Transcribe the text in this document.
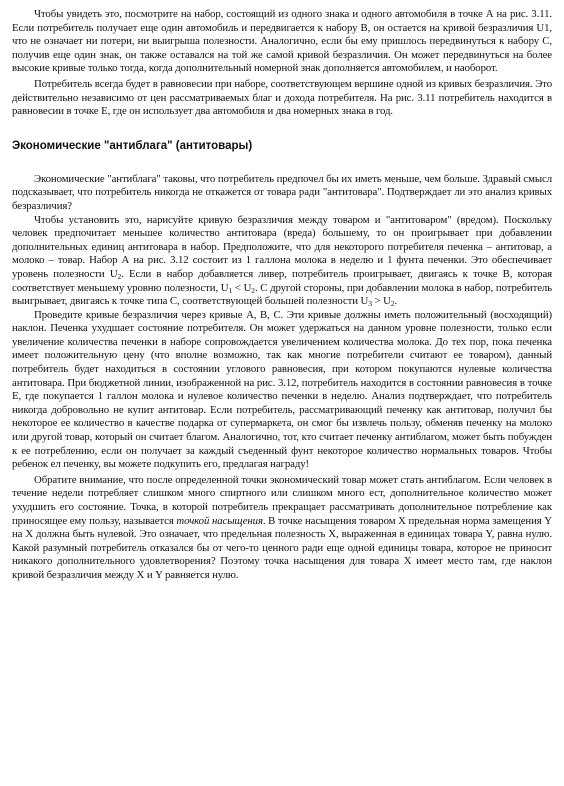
Чтобы увидеть это, посмотрите на набор, состоящий из одного знака и одного автомобиля в точке А на рис. 3.11. Если потребитель получает еще один автомобиль и передвигается к набору В, он остается на кривой безразличия U1, что не означает ни потери, ни выигрыша полезности. Аналогично, если бы ему пришлось передвинуться к набору С, получив еще один знак, он также оставался на той же самой кривой безразличия. Он может передвинуться на более высокие кривые только тогда, когда дополнительный номерной знак дополняется автомобилем, и наоборот.

Потребитель всегда будет в равновесии при наборе, соответствующем вершине одной из кривых безразличия. Это действительно независимо от цен рассматриваемых благ и дохода потребителя. На рис. 3.11 потребитель находится в равновесии в точке Е, где он использует два автомобиля и два номерных знака в год.

Экономические "антиблага" (антитовары)

Экономические "антиблага" таковы, что потребитель предпочел бы их иметь меньше, чем больше. Здравый смысл подсказывает, что потребитель никогда не откажется от товара ради "антитовара". Подтверждает ли это анализ кривых безразличия?

Чтобы установить это, нарисуйте кривую безразличия между товаром и "антитоваром" (вредом). Поскольку человек предпочитает меньшее количество антитовара (вреда) большему, то он проигрывает при добавлении дополнительных единиц антитовара в набор. Предположите, что для некоторого потребителя печенка – антитовар, а молоко – товар. Набор А на рис. 3.12 состоит из 1 галлона молока в неделю и 1 фунта печенки. Это обеспечивает уровень полезности $U_2$. Если в набор добавляется ливер, потребитель проигрывает, двигаясь к точке В, которая соответствует меньшему уровню полезности, $U_1 < U_2$. С другой стороны, при добавлении молока в набор, потребитель выигрывает, двигаясь к точке типа С, соответствующей большей полезности $U_3 > U_2$.

Проведите кривые безразличия через кривые А, В, С. Эти кривые должны иметь положительный (восходящий) наклон. Печенка ухудшает состояние потребителя. Он может удержаться на данном уровне полезности, только если увеличение количества печенки в наборе сопровождается увеличением количества молока. До тех пор, пока печенка имеет положительную цену (что вполне возможно, так как многие потребители считают ее товаром), данный потребитель будет находиться в состоянии углового равновесия, при котором покупаются нулевые количества антитовара. При бюджетной линии, изображенной на рис. 3.12, потребитель находится в состоянии равновесия в точке Е, где покупается 1 галлон молока и нулевое количество печенки в неделю. Анализ подтверждает, что потребитель никогда добровольно не купит антитовар. Если потребитель, рассматривающий печенку как антитовар, получил бы некоторое ее количество в качестве подарка от супермаркета, он смог бы извлечь пользу, обменяв печенку на молоко или другой товар, который он считает благом. Аналогично, тот, кто считает печенку антиблагом, может быть побужден к ее потреблению, если он получает за каждый съеденный фунт некоторое количество нормальных товаров. Чтобы ребенок ел печенку, вы можете подкупить его, предлагая награду!

Обратите внимание, что после определенной точки экономический товар может стать антиблагом. Если человек в течение недели потребляет слишком много спиртного или слишком много ест, дополнительное количество может ухудшить его состояние. Точка, в которой потребитель прекращает рассматривать дополнительное потребление как приносящее ему пользу, называется точкой насыщения. В точке насыщения товаром X предельная норма замещения Y на X должна быть нулевой. Это означает, что предельная полезность X, выраженная в единицах товара Y, равна нулю. Какой разумный потребитель отказался бы от чего-то ценного ради еще одной единицы товара, которое не приносит никакого дополнительного удовлетворения? Поэтому точка насыщения для товара X имеет место там, где наклон кривой безразличия между X и Y равняется нулю.
